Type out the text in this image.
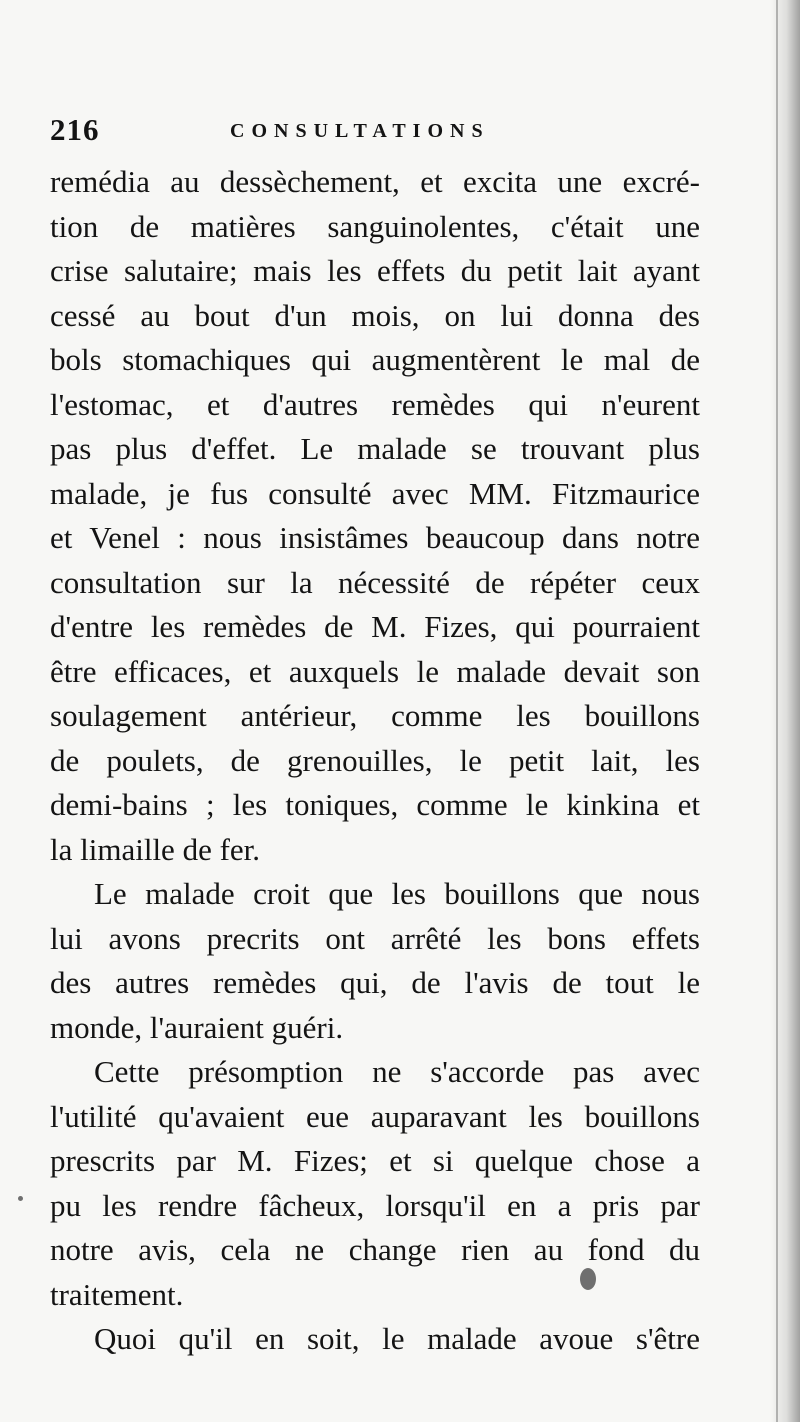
216	CONSULTATIONS
remédia au dessèchement, et excita une excré-
tion de matières sanguinolentes, c'était une
crise salutaire; mais les effets du petit lait ayant
cessé au bout d'un mois, on lui donna des
bols stomachiques qui augmentèrent le mal de
l'estomac, et d'autres remèdes qui n'eurent
pas plus d'effet. Le malade se trouvant plus
malade, je fus consulté avec MM. Fitzmaurice
et Venel : nous insistâmes beaucoup dans notre
consultation sur la nécessité de répéter ceux
d'entre les remèdes de M. Fizes, qui pourraient
être efficaces, et auxquels le malade devait son
soulagement antérieur, comme les bouillons
de poulets, de grenouilles, le petit lait, les
demi-bains ; les toniques, comme le kinkina et
la limaille de fer.
Le malade croit que les bouillons que nous
lui avons precrits ont arrêté les bons effets
des autres remèdes qui, de l'avis de tout le
monde, l'auraient guéri.
Cette présomption ne s'accorde pas avec
l'utilité qu'avaient eue auparavant les bouillons
prescrits par M. Fizes; et si quelque chose a
pu les rendre fâcheux, lorsqu'il en a pris par
notre avis, cela ne change rien au fond du
traitement.
Quoi qu'il en soit, le malade avoue s'être
